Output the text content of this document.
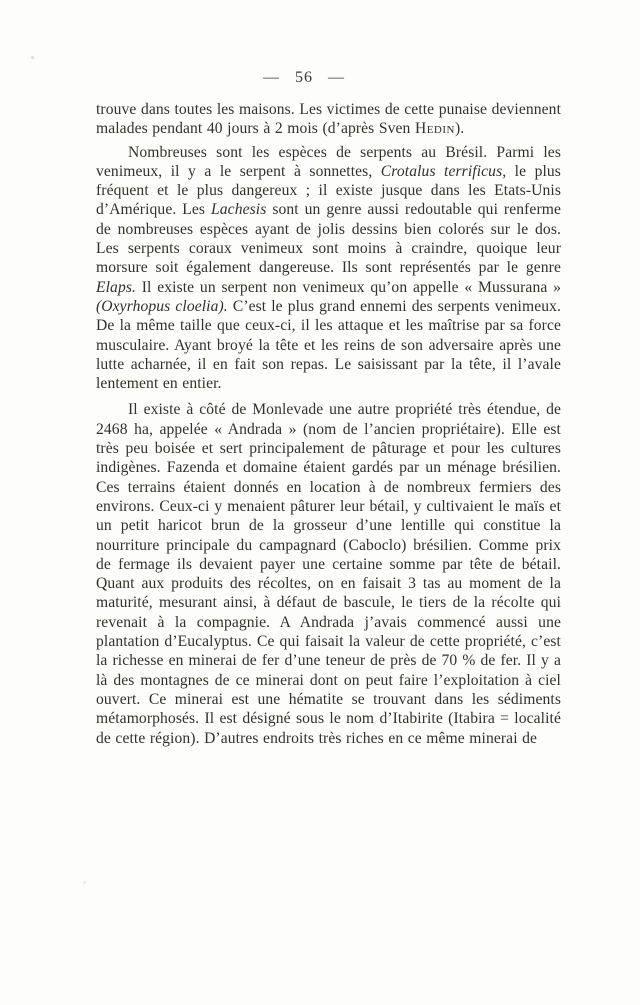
— 56 —

trouve dans toutes les maisons. Les victimes de cette punaise deviennent malades pendant 40 jours à 2 mois (d’après Sven Hedin).

Nombreuses sont les espèces de serpents au Brésil. Parmi les venimeux, il y a le serpent à sonnettes, Crotalus terrificus, le plus fréquent et le plus dangereux ; il existe jusque dans les Etats-Unis d’Amérique. Les Lachesis sont un genre aussi redoutable qui renferme de nombreuses espèces ayant de jolis dessins bien colorés sur le dos. Les serpents coraux venimeux sont moins à craindre, quoique leur morsure soit également dangereuse. Ils sont représentés par le genre Elaps. Il existe un serpent non venimeux qu’on appelle « Mussurana » (Oxyrhopus cloelia). C’est le plus grand ennemi des serpents venimeux. De la même taille que ceux-ci, il les attaque et les maîtrise par sa force musculaire. Ayant broyé la tête et les reins de son adversaire après une lutte acharnée, il en fait son repas. Le saisissant par la tête, il l’avale lentement en entier.

Il existe à côté de Monlevade une autre propriété très étendue, de 2468 ha, appelée « Andrada » (nom de l’ancien propriétaire). Elle est très peu boisée et sert principalement de pâturage et pour les cultures indigènes. Fazenda et domaine étaient gardés par un ménage brésilien. Ces terrains étaient donnés en location à de nombreux fermiers des environs. Ceux-ci y menaient pâturer leur bétail, y cultivaient le maïs et un petit haricot brun de la grosseur d’une lentille qui constitue la nourriture principale du campagnard (Caboclo) brésilien. Comme prix de fermage ils devaient payer une certaine somme par tête de bétail. Quant aux produits des récoltes, on en faisait 3 tas au moment de la maturité, mesurant ainsi, à défaut de bascule, le tiers de la récolte qui revenait à la compagnie. A Andrada j’avais commencé aussi une plantation d’Eucalyptus. Ce qui faisait la valeur de cette propriété, c’est la richesse en minerai de fer d’une teneur de près de 70 % de fer. Il y a là des montagnes de ce minerai dont on peut faire l’exploitation à ciel ouvert. Ce minerai est une hématite se trouvant dans les sédiments métamorphosés. Il est désigné sous le nom d’Itabirite (Itabira = localité de cette région). D’autres endroits très riches en ce même minerai de
